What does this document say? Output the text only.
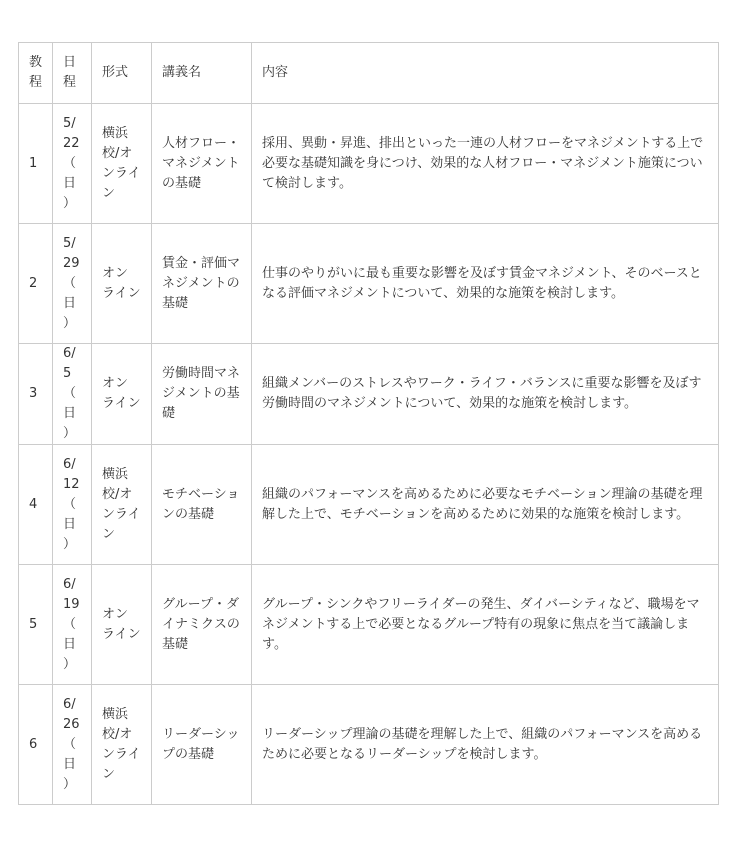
教程	日程	形式	講義名	内容
1	5/22（日）	横浜校/オンライン	人材フロー・マネジメントの基礎	採用、異動・昇進、排出といった一連の人材フローをマネジメントする上で必要な基礎知識を身につけ、効果的な人材フロー・マネジメント施策について検討します。
2	5/29（日）	オンライン	賃金・評価マネジメントの基礎	仕事のやりがいに最も重要な影響を及ぼす賃金マネジメント、そのベースとなる評価マネジメントについて、効果的な施策を検討します。
3	6/5（日）	オンライン	労働時間マネジメントの基礎	組織メンバーのストレスやワーク・ライフ・バランスに重要な影響を及ぼす労働時間のマネジメントについて、効果的な施策を検討します。
4	6/12（日）	横浜校/オンライン	モチベーションの基礎	組織のパフォーマンスを高めるために必要なモチベーション理論の基礎を理解した上で、モチベーションを高めるために効果的な施策を検討します。
5	6/19（日）	オンライン	グループ・ダイナミクスの基礎	グループ・シンクやフリーライダーの発生、ダイバーシティなど、職場をマネジメントする上で必要となるグループ特有の現象に焦点を当て議論します。
6	6/26（日）	横浜校/オンライン	リーダーシップの基礎	リーダーシップ理論の基礎を理解した上で、組織のパフォーマンスを高めるために必要となるリーダーシップを検討します。
